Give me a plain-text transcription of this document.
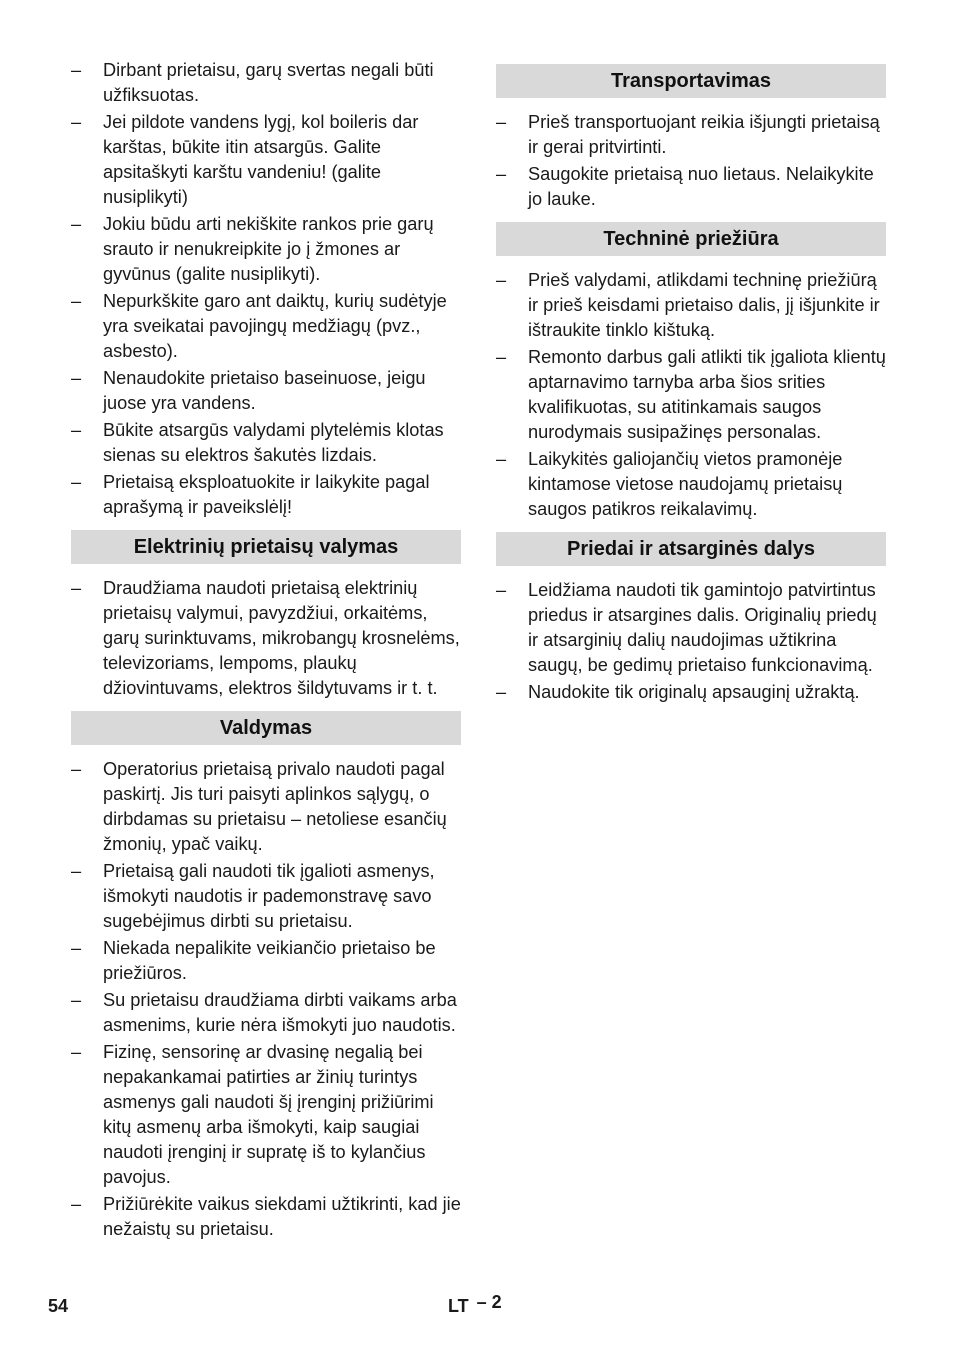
– Dirbant prietaisu, garų svertas negali būti užfiksuotas.
– Jei pildote vandens lygį, kol boileris dar karštas, būkite itin atsargūs. Galite apsitaškyti karštu vandeniu! (galite nusiplikyti)
– Jokiu būdu arti nekiškite rankos prie garų srauto ir nenukreipkite jo į žmones ar gyvūnus (galite nusiplikyti).
– Nepurkškite garo ant daiktų, kurių sudėtyje yra sveikatai pavojingų medžiagų (pvz., asbesto).
– Nenaudokite prietaiso baseinuose, jeigu juose yra vandens.
– Būkite atsargūs valydami plytelėmis klotas sienas su elektros šakutės lizdais.
– Prietaisą eksploatuokite ir laikykite pagal aprašymą ir paveikslėlį!
Elektrinių prietaisų valymas
– Draudžiama naudoti prietaisą elektrinių prietaisų valymui, pavyzdžiui, orkaitėms, garų surinktuvams, mikrobangų krosnelėms, televizoriams, lempoms, plaukų džiovintuvams, elektros šildytuvams ir t. t.
Valdymas
– Operatorius prietaisą privalo naudoti pagal paskirtį. Jis turi paisyti aplinkos sąlygų, o dirbdamas su prietaisu – netoliese esančių žmonių, ypač vaikų.
– Prietaisą gali naudoti tik įgalioti asmenys, išmokyti naudotis ir pademonstravę savo sugebėjimus dirbti su prietaisu.
– Niekada nepalikite veikiančio prietaiso be priežiūros.
– Su prietaisu draudžiama dirbti vaikams arba asmenims, kurie nėra išmokyti juo naudotis.
– Fizinę, sensorinę ar dvasinę negalią bei nepakankamai patirties ar žinių turintys asmenys gali naudoti šį įrenginį prižiūrimi kitų asmenų arba išmokyti, kaip saugiai naudoti įrenginį ir supratę iš to kylančius pavojus.
– Prižiūrėkite vaikus siekdami užtikrinti, kad jie nežaistų su prietaisu.
Transportavimas
– Prieš transportuojant reikia išjungti prietaisą ir gerai pritvirtinti.
– Saugokite prietaisą nuo lietaus. Nelaikykite jo lauke.
Techninė priežiūra
– Prieš valydami, atlikdami techninę priežiūrą ir prieš keisdami prietaiso dalis, jį išjunkite ir ištraukite tinklo kištuką.
– Remonto darbus gali atlikti tik įgaliota klientų aptarnavimo tarnyba arba šios srities kvalifikuotas, su atitinkamais saugos nurodymais susipažinęs personalas.
– Laikykitės galiojančių vietos pramonėje kintamose vietose naudojamų prietaisų saugos patikros reikalavimų.
Priedai ir atsarginės dalys
– Leidžiama naudoti tik gamintojo patvirtintus priedus ir atsargines dalis. Originalių priedų ir atsarginių dalių naudojimas užtikrina saugų, be gedimų prietaiso funkcionavimą.
– Naudokite tik originalų apsauginį užraktą.
54	LT – 2
